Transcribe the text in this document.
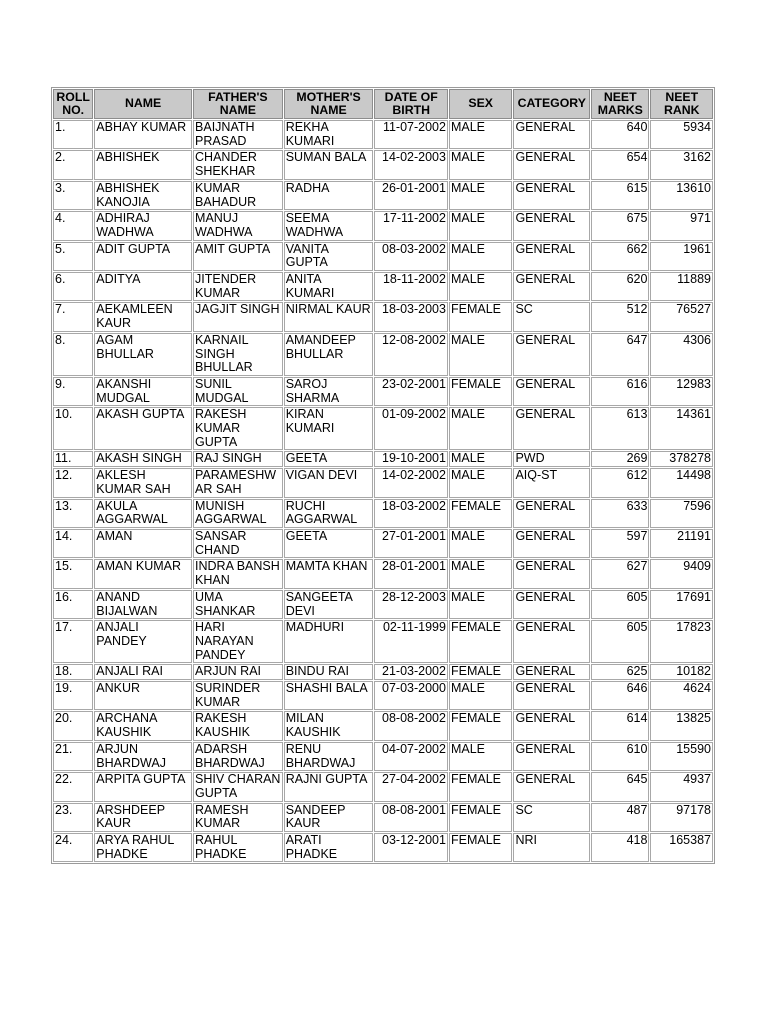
ROLL NO.	NAME	FATHER'S NAME	MOTHER'S NAME	DATE OF BIRTH	SEX	CATEGORY	NEET MARKS	NEET RANK
1.	ABHAY KUMAR	BAIJNATH PRASAD	REKHA KUMARI	11-07-2002	MALE	GENERAL	640	5934
2.	ABHISHEK	CHANDER SHEKHAR	SUMAN BALA	14-02-2003	MALE	GENERAL	654	3162
3.	ABHISHEK KANOJIA	KUMAR BAHADUR	RADHA	26-01-2001	MALE	GENERAL	615	13610
4.	ADHIRAJ WADHWA	MANUJ WADHWA	SEEMA WADHWA	17-11-2002	MALE	GENERAL	675	971
5.	ADIT GUPTA	AMIT GUPTA	VANITA GUPTA	08-03-2002	MALE	GENERAL	662	1961
6.	ADITYA	JITENDER KUMAR	ANITA KUMARI	18-11-2002	MALE	GENERAL	620	11889
7.	AEKAMLEEN KAUR	JAGJIT SINGH	NIRMAL KAUR	18-03-2003	FEMALE	SC	512	76527
8.	AGAM BHULLAR	KARNAIL SINGH BHULLAR	AMANDEEP BHULLAR	12-08-2002	MALE	GENERAL	647	4306
9.	AKANSHI MUDGAL	SUNIL MUDGAL	SAROJ SHARMA	23-02-2001	FEMALE	GENERAL	616	12983
10.	AKASH GUPTA	RAKESH KUMAR GUPTA	KIRAN KUMARI	01-09-2002	MALE	GENERAL	613	14361
11.	AKASH SINGH	RAJ SINGH	GEETA	19-10-2001	MALE	PWD	269	378278
12.	AKLESH KUMAR SAH	PARAMESHW AR SAH	VIGAN DEVI	14-02-2002	MALE	AIQ-ST	612	14498
13.	AKULA AGGARWAL	MUNISH AGGARWAL	RUCHI AGGARWAL	18-03-2002	FEMALE	GENERAL	633	7596
14.	AMAN	SANSAR CHAND	GEETA	27-01-2001	MALE	GENERAL	597	21191
15.	AMAN KUMAR	INDRA BANSH KHAN	MAMTA KHAN	28-01-2001	MALE	GENERAL	627	9409
16.	ANAND BIJALWAN	UMA SHANKAR	SANGEETA DEVI	28-12-2003	MALE	GENERAL	605	17691
17.	ANJALI PANDEY	HARI NARAYAN PANDEY	MADHURI	02-11-1999	FEMALE	GENERAL	605	17823
18.	ANJALI RAI	ARJUN RAI	BINDU RAI	21-03-2002	FEMALE	GENERAL	625	10182
19.	ANKUR	SURINDER KUMAR	SHASHI BALA	07-03-2000	MALE	GENERAL	646	4624
20.	ARCHANA KAUSHIK	RAKESH KAUSHIK	MILAN KAUSHIK	08-08-2002	FEMALE	GENERAL	614	13825
21.	ARJUN BHARDWAJ	ADARSH BHARDWAJ	RENU BHARDWAJ	04-07-2002	MALE	GENERAL	610	15590
22.	ARPITA GUPTA	SHIV CHARAN GUPTA	RAJNI GUPTA	27-04-2002	FEMALE	GENERAL	645	4937
23.	ARSHDEEP KAUR	RAMESH KUMAR	SANDEEP KAUR	08-08-2001	FEMALE	SC	487	97178
24.	ARYA RAHUL PHADKE	RAHUL PHADKE	ARATI PHADKE	03-12-2001	FEMALE	NRI	418	165387
